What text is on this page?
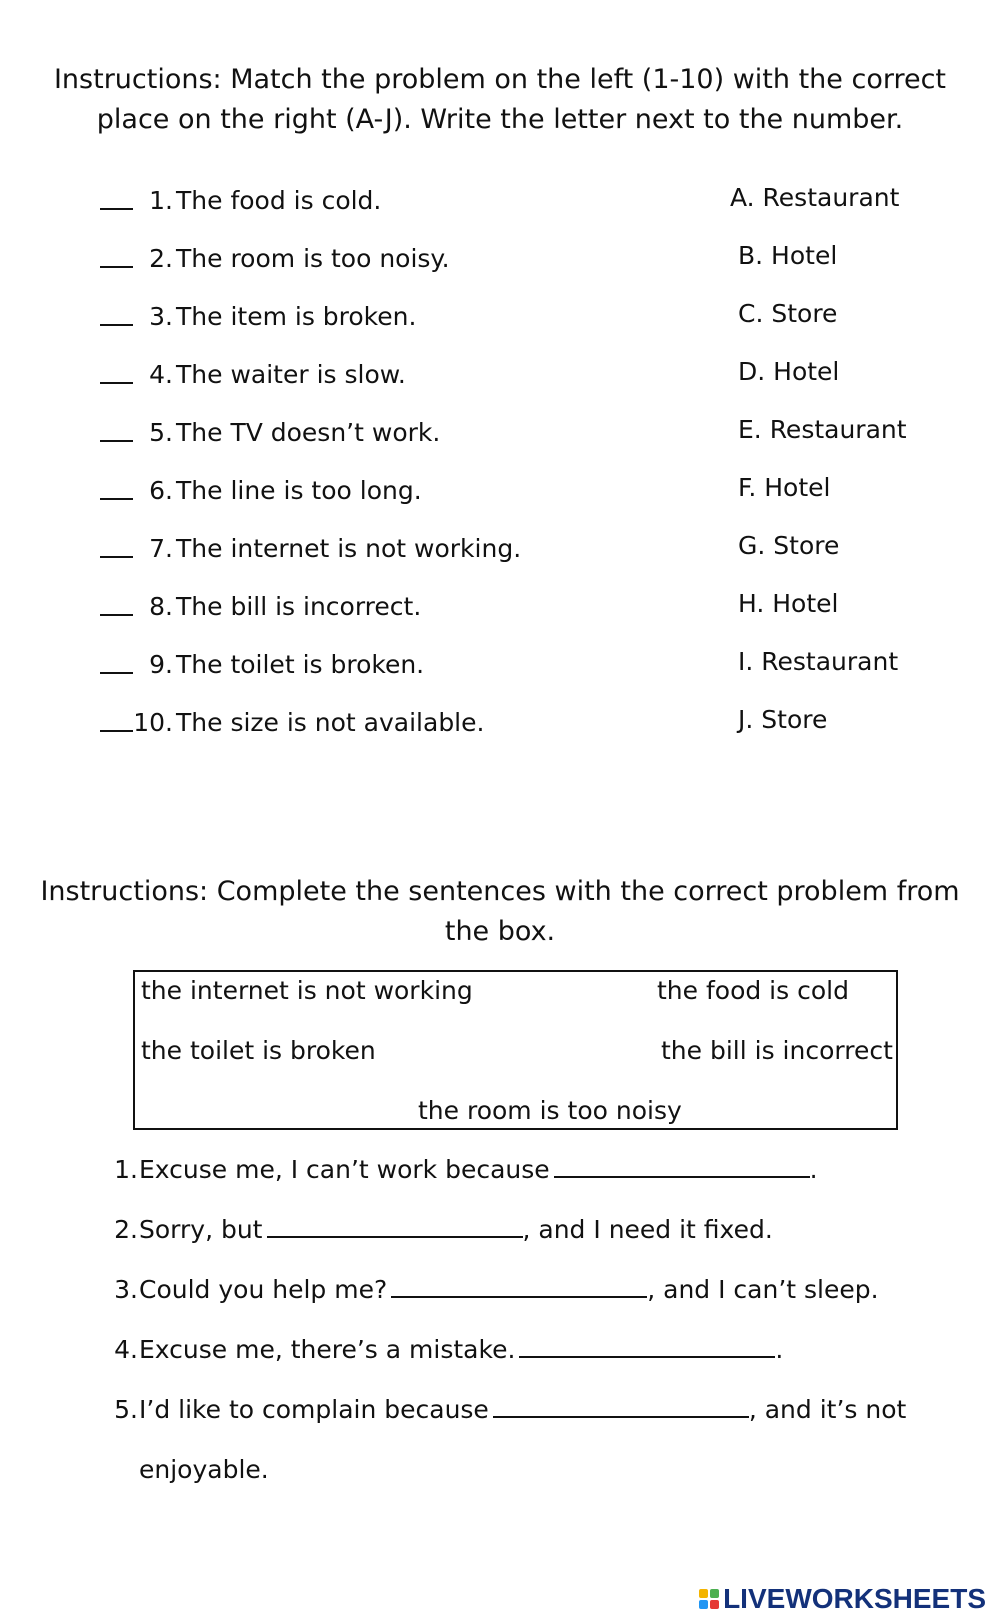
Instructions: Match the problem on the left (1-10) with the correct
place on the right (A-J). Write the letter next to the number.
1. The food is cold.	A. Restaurant
2. The room is too noisy.	B. Hotel
3. The item is broken.	C. Store
4. The waiter is slow.	D. Hotel
5. The TV doesn’t work.	E. Restaurant
6. The line is too long.	F. Hotel
7. The internet is not working.	G. Store
8. The bill is incorrect.	H. Hotel
9. The toilet is broken.	I. Restaurant
10. The size is not available.	J. Store
Instructions: Complete the sentences with the correct problem from
the box.
the internet is not working	the food is cold
the toilet is broken	the bill is incorrect
the room is too noisy
1. Excuse me, I can’t work because	.
2. Sorry, but	, and I need it fixed.
3. Could you help me?	, and I can’t sleep.
4. Excuse me, there’s a mistake.	.
5. I’d like to complain because	, and it’s not
enjoyable.
LIVEWORKSHEETS
